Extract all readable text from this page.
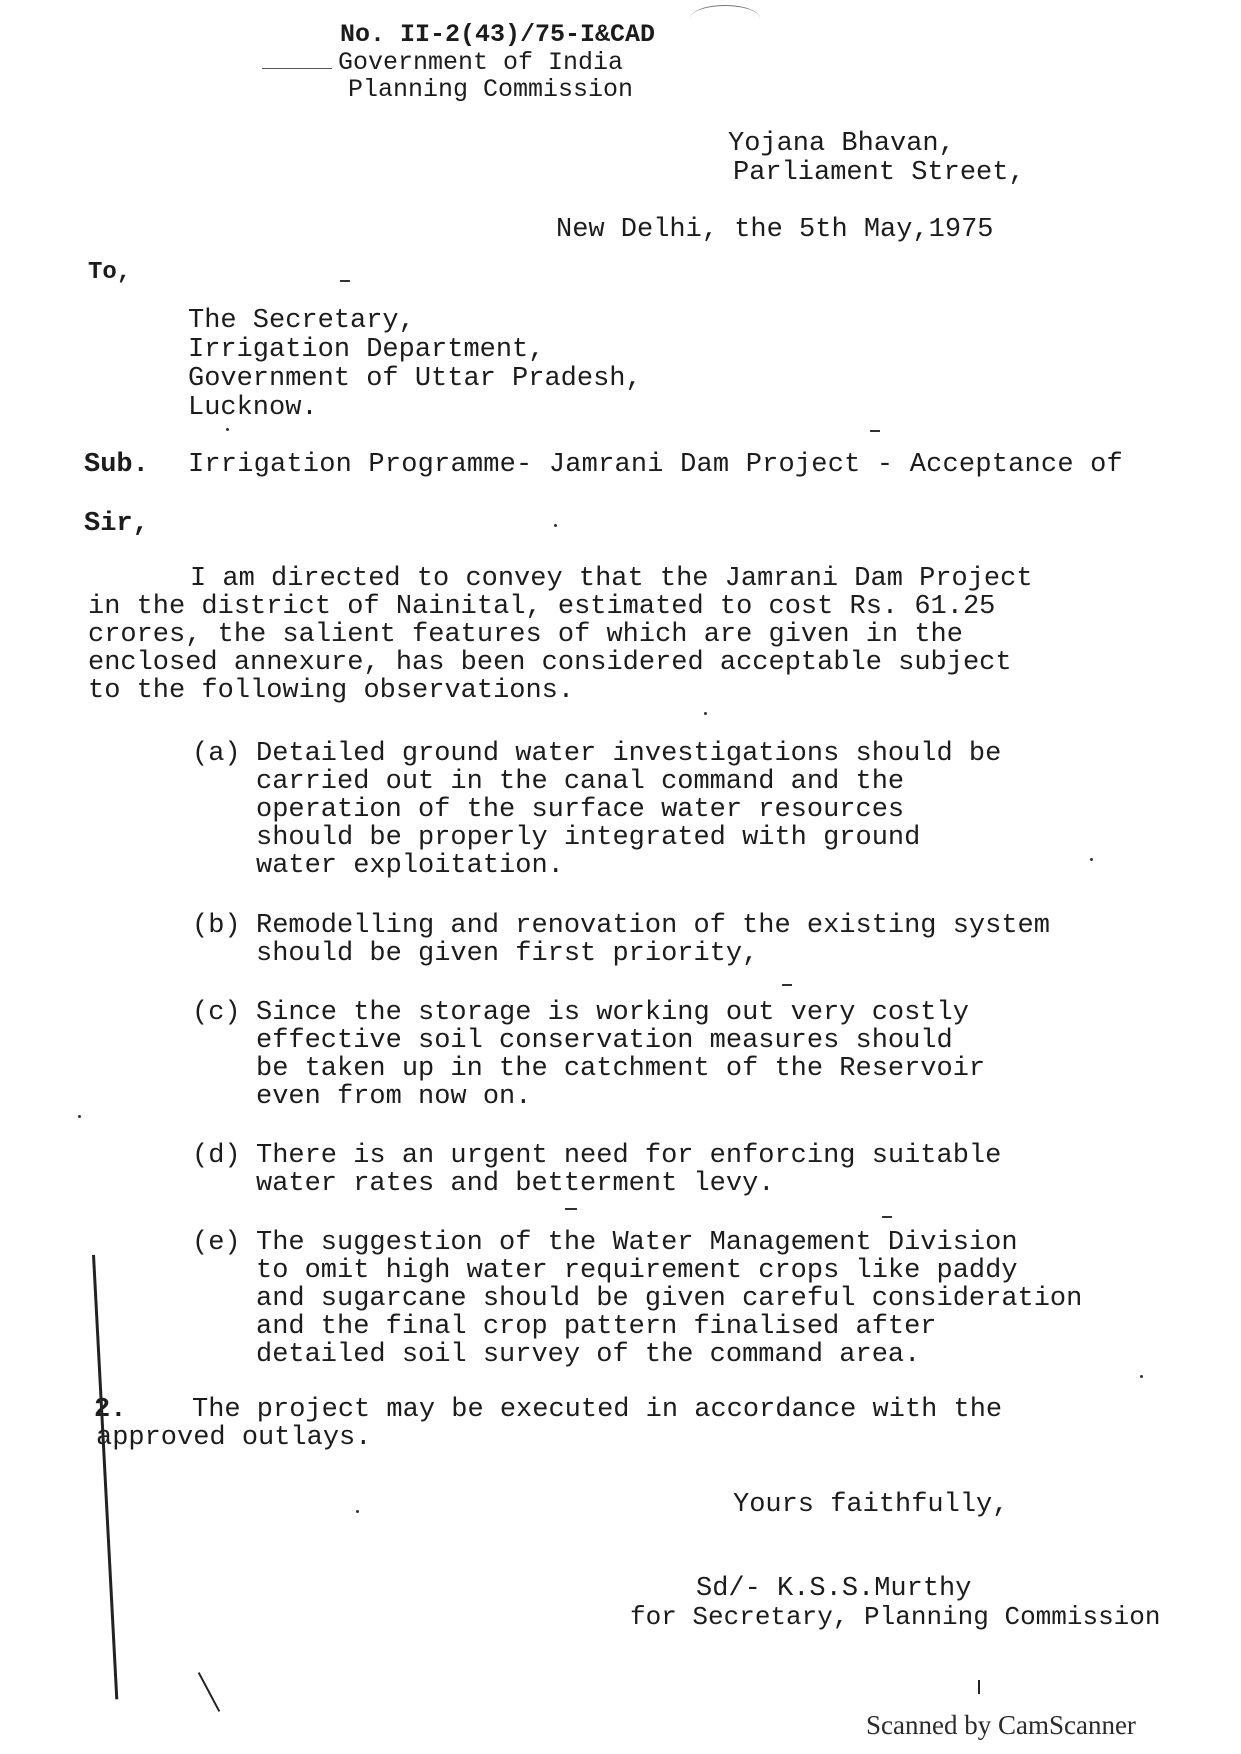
No. II-2(43)/75-I&CAD
Government of India
Planning Commission
Yojana Bhavan,
Parliament Street,
New Delhi, the 5th May,1975
To,
The Secretary,
Irrigation Department,
Government of Uttar Pradesh,
Lucknow.
Sub. Irrigation Programme- Jamrani Dam Project - Acceptance of
Sir,
I am directed to convey that the Jamrani Dam Project
in the district of Nainital, estimated to cost Rs. 61.25
crores, the salient features of which are given in the
enclosed annexure, has been considered acceptable subject
to the following observations.
(a) Detailed ground water investigations should be
carried out in the canal command and the
operation of the surface water resources
should be properly integrated with ground
water exploitation.
(b) Remodelling and renovation of the existing system
should be given first priority,
(c) Since the storage is working out very costly
effective soil conservation measures should
be taken up in the catchment of the Reservoir
even from now on.
(d) There is an urgent need for enforcing suitable
water rates and betterment levy.
(e) The suggestion of the Water Management Division
to omit high water requirement crops like paddy
and sugarcane should be given careful consideration
and the final crop pattern finalised after
detailed soil survey of the command area.
2. The project may be executed in accordance with the
approved outlays.
Yours faithfully,
Sd/- K.S.S.Murthy
for Secretary, Planning Commission
Scanned by CamScanner
